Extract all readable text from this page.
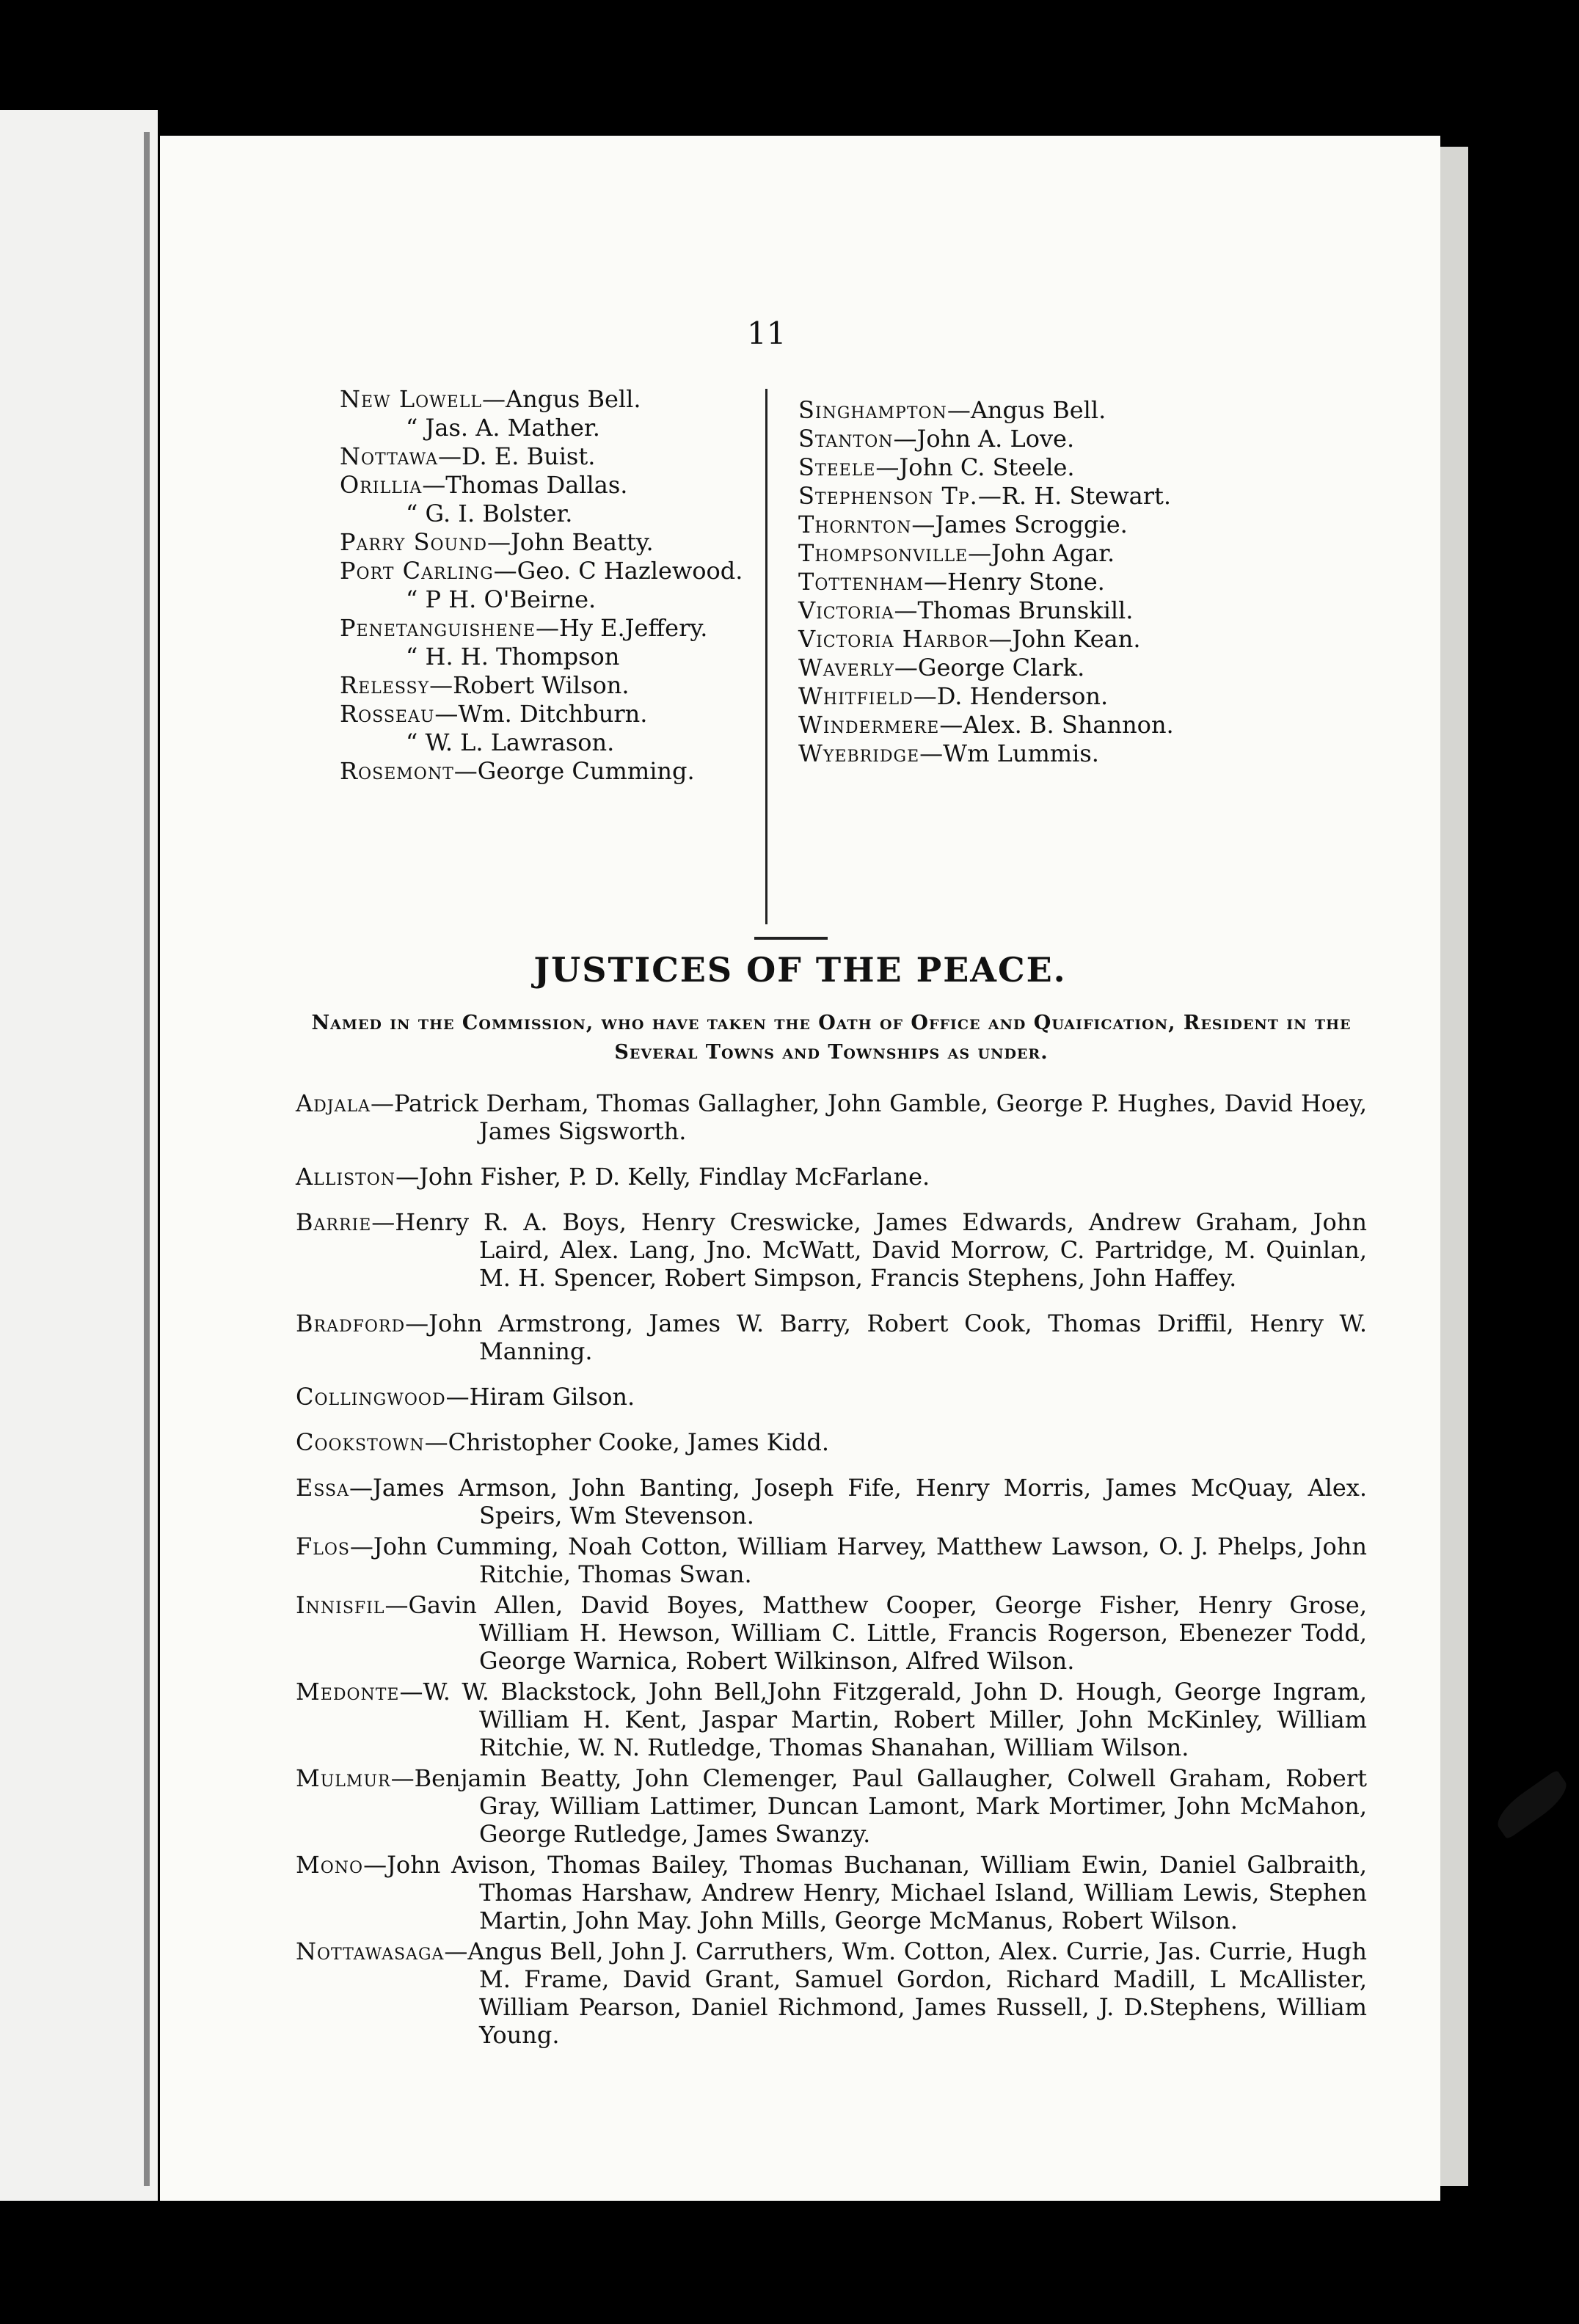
11
New Lowell—Angus Bell.
“ Jas. A. Mather.
Nottawa—D. E. Buist.
Orillia—Thomas Dallas.
“ G. I. Bolster.
Parry Sound—John Beatty.
Port Carling—Geo. C Hazlewood.
“ P H. O'Beirne.
Penetanguishene—Hy E.Jeffery.
“ H. H. Thompson
Relessy—Robert Wilson.
Rosseau—Wm. Ditchburn.
“ W. L. Lawrason.
Rosemont—George Cumming.
Singhampton—Angus Bell.
Stanton—John A. Love.
Steele—John C. Steele.
Stephenson Tp.—R. H. Stewart.
Thornton—James Scroggie.
Thompsonville—John Agar.
Tottenham—Henry Stone.
Victoria—Thomas Brunskill.
Victoria Harbor—John Kean.
Waverly—George Clark.
Whitfield—D. Henderson.
Windermere—Alex. B. Shannon.
Wyebridge—Wm Lummis.
JUSTICES OF THE PEACE.
Named in the Commission, who have taken the Oath of Office and Quaification, Resident in the Several Towns and Townships as under.
Adjala—Patrick Derham, Thomas Gallagher, John Gamble, George P. Hughes, David Hoey, James Sigsworth.
Alliston—John Fisher, P. D. Kelly, Findlay McFarlane.
Barrie—Henry R. A. Boys, Henry Creswicke, James Edwards, Andrew Graham, John Laird, Alex. Lang, Jno. McWatt, David Morrow, C. Partridge, M. Quinlan, M. H. Spencer, Robert Simpson, Francis Stephens, John Haffey.
Bradford—John Armstrong, James W. Barry, Robert Cook, Thomas Driffil, Henry W. Manning.
Collingwood—Hiram Gilson.
Cookstown—Christopher Cooke, James Kidd.
Essa—James Armson, John Banting, Joseph Fife, Henry Morris, James McQuay, Alex. Speirs, Wm Stevenson.
Flos—John Cumming, Noah Cotton, William Harvey, Matthew Lawson, O. J. Phelps, John Ritchie, Thomas Swan.
Innisfil—Gavin Allen, David Boyes, Matthew Cooper, George Fisher, Henry Grose, William H. Hewson, William C. Little, Francis Rogerson, Ebenezer Todd, George Warnica, Robert Wilkinson, Alfred Wilson.
Medonte—W. W. Blackstock, John Bell,John Fitzgerald, John D. Hough, George Ingram, William H. Kent, Jaspar Martin, Robert Miller, John McKinley, William Ritchie, W. N. Rutledge, Thomas Shanahan, William Wilson.
Mulmur—Benjamin Beatty, John Clemenger, Paul Gallaugher, Colwell Graham, Robert Gray, William Lattimer, Duncan Lamont, Mark Mortimer, John McMahon, George Rutledge, James Swanzy.
Mono—John Avison, Thomas Bailey, Thomas Buchanan, William Ewin, Daniel Galbraith, Thomas Harshaw, Andrew Henry, Michael Island, William Lewis, Stephen Martin, John May. John Mills, George McManus, Robert Wilson.
Nottawasaga—Angus Bell, John J. Carruthers, Wm. Cotton, Alex. Currie, Jas. Currie, Hugh M. Frame, David Grant, Samuel Gordon, Richard Madill, L McAllister, William Pearson, Daniel Richmond, James Russell, J. D.Stephens, William Young.
